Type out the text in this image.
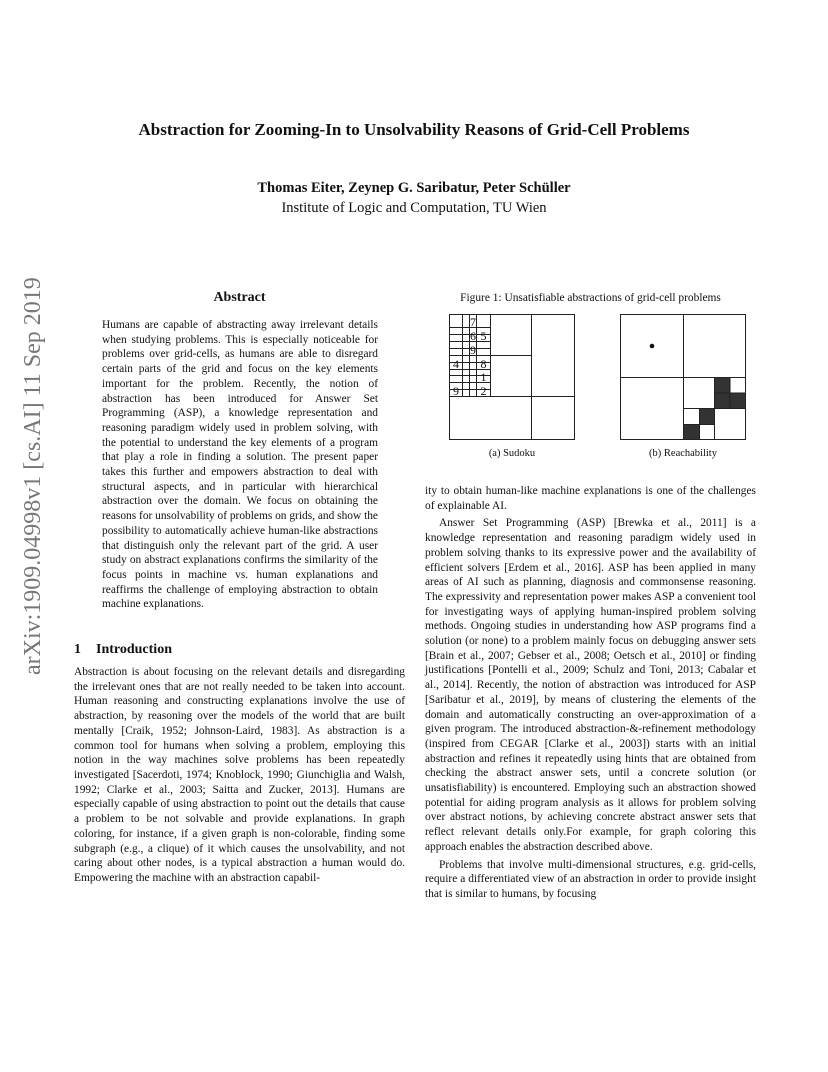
Abstraction for Zooming-In to Unsolvability Reasons of Grid-Cell Problems
Thomas Eiter, Zeynep G. Saribatur, Peter Schüller
Institute of Logic and Computation, TU Wien
arXiv:1909.04998v1 [cs.AI] 11 Sep 2019	Abstract

Humans are capable of abstracting away irrelevant details when studying problems. This is especially noticeable for problems over grid-cells, as humans are able to disregard certain parts of the grid and focus on the key elements important for the problem. Recently, the notion of abstraction has been introduced for Answer Set Programming (ASP), a knowledge representation and reasoning paradigm widely used in problem solving, with the potential to understand the key elements of a program that play a role in finding a solution. The present paper takes this further and empowers abstraction to deal with structural aspects, and in particular with hierarchical abstraction over the domain. We focus on obtaining the reasons for unsolvability of problems on grids, and show the possibility to automatically achieve human-like abstractions that distinguish only the relevant part of the grid. A user study on abstract explanations confirms the similarity of the focus points in machine vs. human explanations and reaffirms the challenge of employing abstraction to obtain machine explanations.

1 Introduction

Abstraction is about focusing on the relevant details and disregarding the irrelevant ones that are not really needed to be taken into account. Human reasoning and constructing explanations involve the use of abstraction, by reasoning over the models of the world that are built mentally [Craik, 1952; Johnson-Laird, 1983]. As abstraction is a common tool for humans when solving a problem, employing this notion in the way machines solve problems has been repeatedly investigated [Sacerdoti, 1974; Knoblock, 1990; Giunchiglia and Walsh, 1992; Clarke et al., 2003; Saitta and Zucker, 2013]. Humans are especially capable of using abstraction to point out the details that cause a problem to be not solvable and provide explanations. In graph coloring, for instance, if a given graph is non-colorable, finding some subgraph (e.g., a clique) of it which causes the unsolvability, and not caring about other nodes, is a typical abstraction a human would do. Empowering the machine with an abstraction capabil-

Figure 1: Unsatisfiable abstractions of grid-cell problems
7
6 5
9
4 8
1
9 2
(a) Sudoku	(b) Reachability

ity to obtain human-like machine explanations is one of the challenges of explainable AI.

Answer Set Programming (ASP) [Brewka et al., 2011] is a knowledge representation and reasoning paradigm widely used in problem solving thanks to its expressive power and the availability of efficient solvers [Erdem et al., 2016]. ASP has been applied in many areas of AI such as planning, diagnosis and commonsense reasoning. The expressivity and representation power makes ASP a convenient tool for investigating ways of applying human-inspired problem solving methods. Ongoing studies in understanding how ASP programs find a solution (or none) to a problem mainly focus on debugging answer sets [Brain et al., 2007; Gebser et al., 2008; Oetsch et al., 2010] or finding justifications [Pontelli et al., 2009; Schulz and Toni, 2013; Cabalar et al., 2014]. Recently, the notion of abstraction was introduced for ASP [Saribatur et al., 2019], by means of clustering the elements of the domain and automatically constructing an over-approximation of a given program. The introduced abstraction-&-refinement methodology (inspired from CEGAR [Clarke et al., 2003]) starts with an initial abstraction and refines it repeatedly using hints that are obtained from checking the abstract answer sets, until a concrete solution (or unsatisfiability) is encountered. Employing such an abstraction showed potential for aiding program analysis as it allows for problem solving over abstract notions, by achieving concrete abstract answer sets that reflect relevant details only.For example, for graph coloring this approach enables the abstraction described above.

Problems that involve multi-dimensional structures, e.g. grid-cells, require a differentiated view of an abstraction in order to provide insight that is similar to humans, by focusing
